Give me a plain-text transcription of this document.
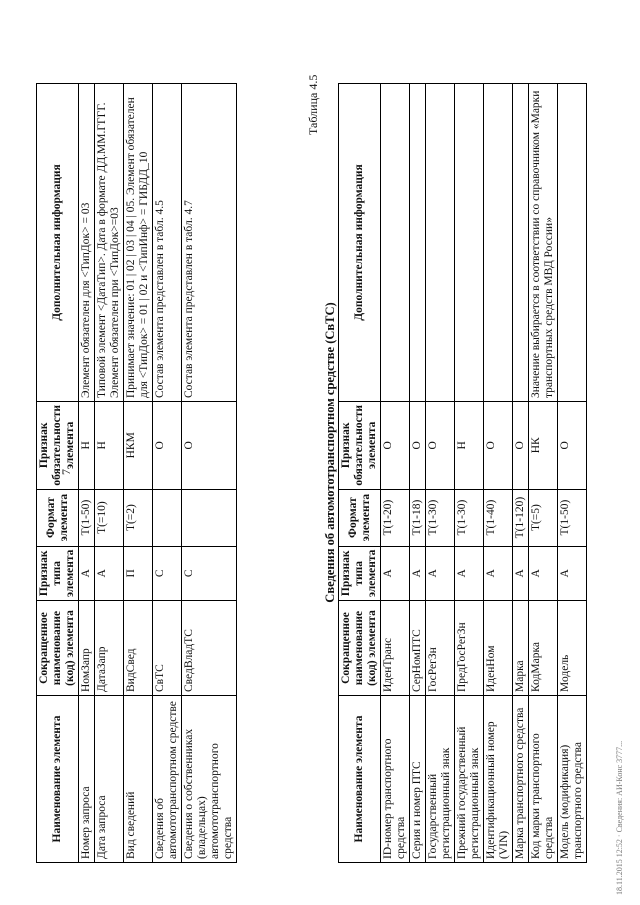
7
Наименование элемента	Сокращенное наименование (код) элемента	Признак типа элемента	Формат элемента	Признак обязательности элемента	Дополнительная информация
Номер запроса	НомЗапр	А	T(1-50)	Н	Элемент обязателен для <ТипДок> = 03
Дата запроса	ДатаЗапр	А	T(=10)	Н	Типовой элемент <ДатаТип>. Дата в формате ДД.ММ.ГГГГ. Элемент обязателен при <ТипДок>=03
Вид сведений	ВидСвед	П	T(=2)	НКМ	Принимает значение: 01 | 02 | 03 | 04 | 05. Элемент обязателен для <ТипДок> = 01 | 02 и <ТипИнф> = ГИБДД_10
Сведения об автомототранспортном средстве	СвТС	С		О	Состав элемента представлен в табл. 4.5
Сведения о собственниках (владельцах) автомототранспортного средства	СведВладТС	С		О	Состав элемента представлен в табл. 4.7
Таблица 4.5
Сведения об автомототранспортном средстве (СвТС)
Наименование элемента	Сокращенное наименование (код) элемента	Признак типа элемента	Формат элемента	Признак обязательности элемента	Дополнительная информация
ID-номер транспортного средства	ИденТранс	А	T(1-20)	О	
Серия и номер ПТС	СерНомПТС	А	T(1-18)	О	
Государственный регистрационный знак	ГосРегЗн	А	T(1-30)	О	
Прежний государственный регистрационный знак	ПредГосРегЗн	А	T(1-30)	Н	
Идентификационный номер (VIN)	ИденНом	А	T(1-40)	О	
Марка транспортного средства	Марка	А	T(1-120)	О	
Код марки транспортного средства	КодМарка	А	T(=5)	НК	Значение выбирается в соответствии со справочником «Марки транспортных средств МВД России»
Модель (модификация) транспортного средства	Модель	А	T(1-50)	О	
18.11.2015 12:52 · Сведения: АИ-Конс 3777...
